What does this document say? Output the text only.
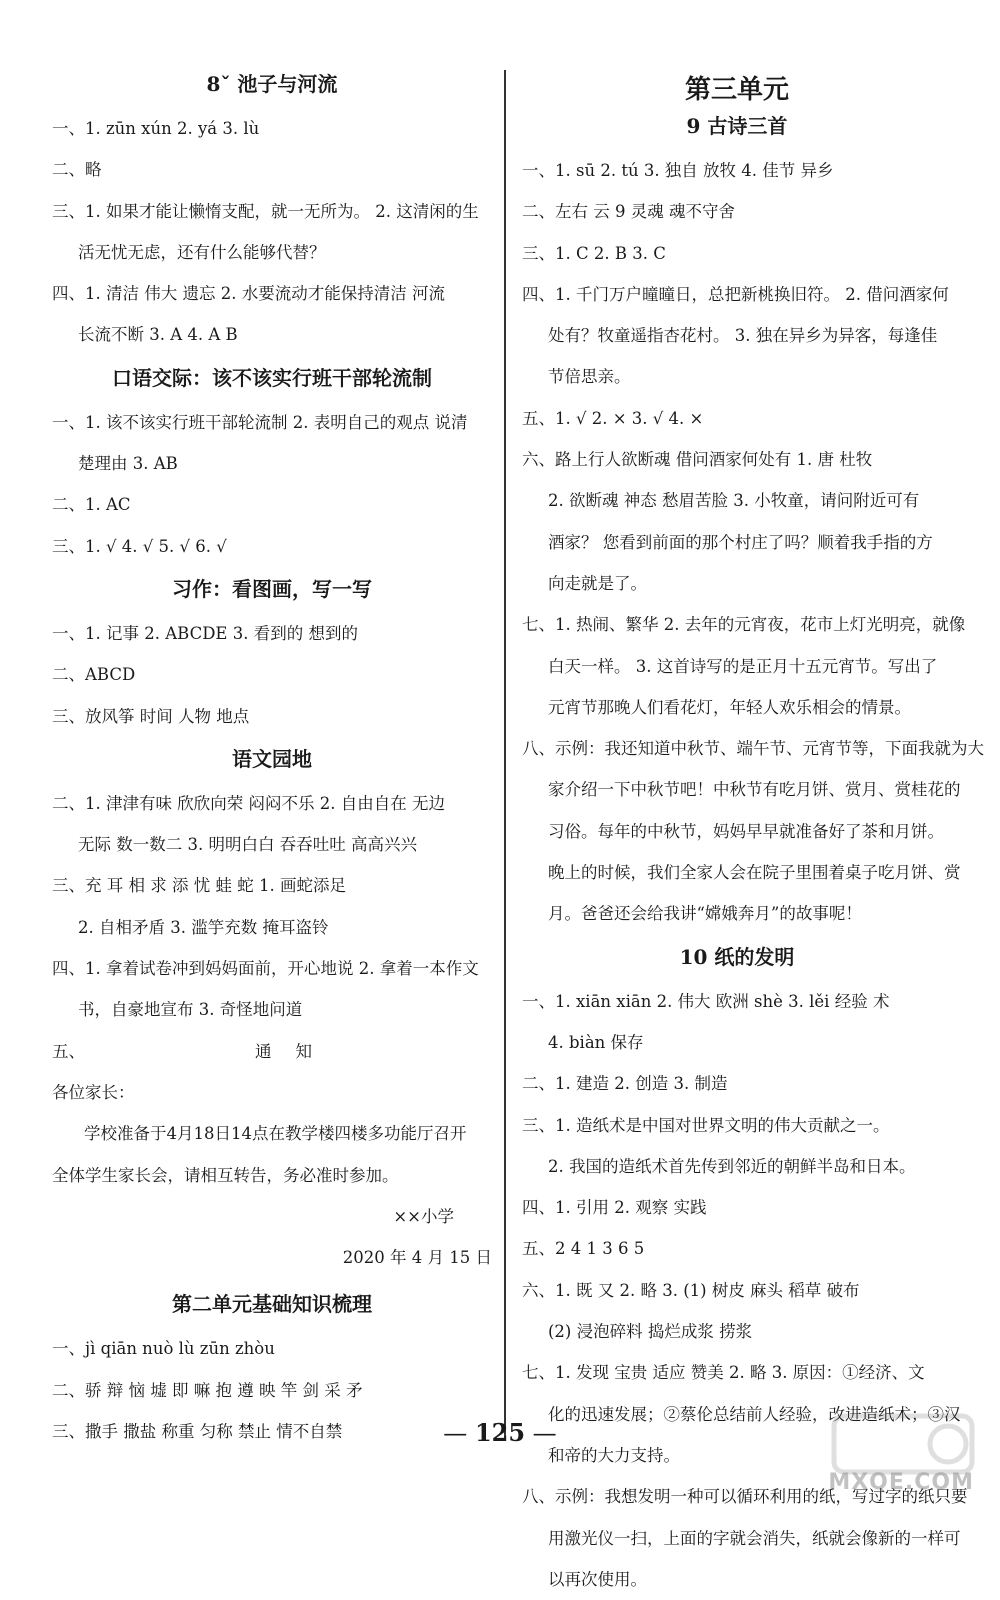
8ˇ 池子与河流
一、1. zūn xún 2. yá 3. lù
二、略
三、1. 如果才能让懒惰支配，就一无所为。 2. 这清闲的生
活无忧无虑，还有什么能够代替？
四、1. 清洁 伟大 遗忘 2. 水要流动才能保持清洁 河流
长流不断 3. A 4. A B
口语交际：该不该实行班干部轮流制
一、1. 该不该实行班干部轮流制 2. 表明自己的观点 说清
楚理由 3. AB
二、1. AC
三、1. √ 4. √ 5. √ 6. √
习作：看图画，写一写
一、1. 记事 2. ABCDE 3. 看到的 想到的
二、ABCD
三、放风筝 时间 人物 地点
语文园地
二、1. 津津有味 欣欣向荣 闷闷不乐 2. 自由自在 无边
无际 数一数二 3. 明明白白 吞吞吐吐 高高兴兴
三、充 耳 相 求 添 忧 蛙 蛇 1. 画蛇添足
2. 自相矛盾 3. 滥竽充数 掩耳盗铃
四、1. 拿着试卷冲到妈妈面前，开心地说 2. 拿着一本作文
书，自豪地宣布 3. 奇怪地问道
五、	通知
各位家长：
学校准备于4月18日14点在教学楼四楼多功能厅召开
全体学生家长会，请相互转告，务必准时参加。
××小学
2020 年 4 月 15 日
第二单元基础知识梳理
一、jì qiān nuò lù zūn zhòu
二、骄 辩 恼 墟 即 嘛 抱 遵 映 竿 剑 采 矛
三、撒手 撒盐 称重 匀称 禁止 情不自禁
第三单元
9 古诗三首
一、1. sū 2. tú 3. 独自 放牧 4. 佳节 异乡
二、左右 云 9 灵魂 魂不守舍
三、1. C 2. B 3. C
四、1. 千门万户曈曈日，总把新桃换旧符。 2. 借问酒家何
处有？牧童遥指杏花村。 3. 独在异乡为异客，每逢佳
节倍思亲。
五、1. √ 2. × 3. √ 4. ×
六、路上行人欲断魂 借问酒家何处有 1. 唐 杜牧
2. 欲断魂 神态 愁眉苦脸 3. 小牧童，请问附近可有
酒家？ 您看到前面的那个村庄了吗？顺着我手指的方
向走就是了。
七、1. 热闹、繁华 2. 去年的元宵夜，花市上灯光明亮，就像
白天一样。 3. 这首诗写的是正月十五元宵节。写出了
元宵节那晚人们看花灯，年轻人欢乐相会的情景。
八、示例：我还知道中秋节、端午节、元宵节等，下面我就为大
家介绍一下中秋节吧！中秋节有吃月饼、赏月、赏桂花的
习俗。每年的中秋节，妈妈早早就准备好了茶和月饼。
晚上的时候，我们全家人会在院子里围着桌子吃月饼、赏
月。爸爸还会给我讲“嫦娥奔月”的故事呢！
10 纸的发明
一、1. xiān xiān 2. 伟大 欧洲 shè 3. lěi 经验 术
4. biàn 保存
二、1. 建造 2. 创造 3. 制造
三、1. 造纸术是中国对世界文明的伟大贡献之一。
2. 我国的造纸术首先传到邻近的朝鲜半岛和日本。
四、1. 引用 2. 观察 实践
五、2 4 1 3 6 5
六、1. 既 又 2. 略 3. (1) 树皮 麻头 稻草 破布
(2) 浸泡碎料 捣烂成浆 捞浆
七、1. 发现 宝贵 适应 赞美 2. 略 3. 原因：①经济、文
化的迅速发展；②蔡伦总结前人经验，改进造纸术；③汉
和帝的大力支持。
八、示例：我想发明一种可以循环利用的纸，写过字的纸只要
用激光仪一扫，上面的字就会消失，纸就会像新的一样可
以再次使用。
— 125 —
MXQE.COM
